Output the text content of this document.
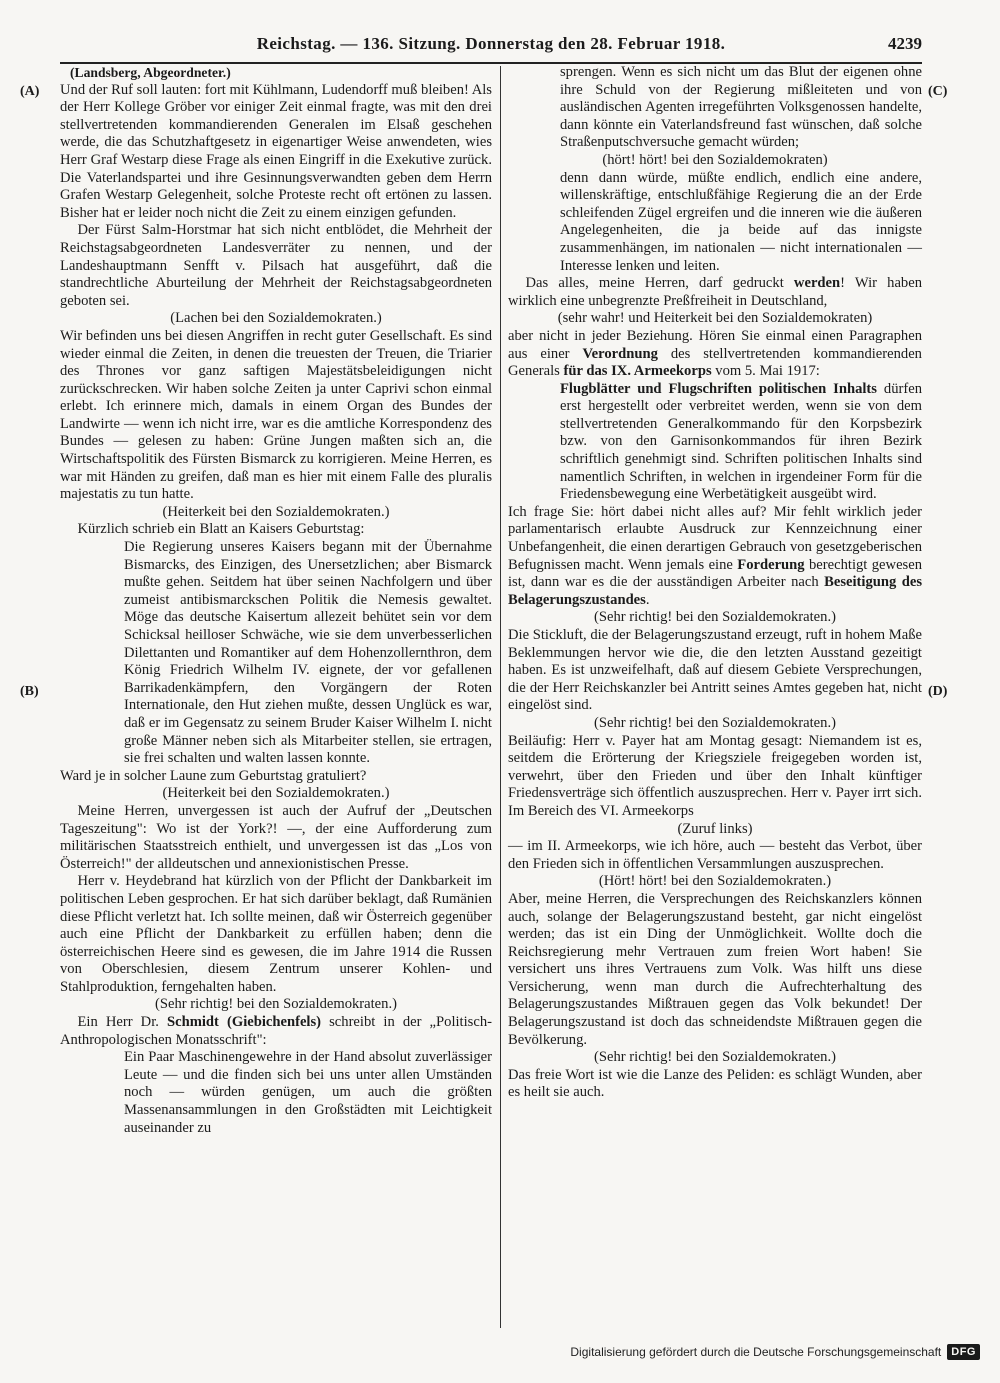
Reichstag. — 136. Sitzung. Donnerstag den 28. Februar 1918.	4239
(A)
(B)
(C)
(D)

(Landsberg, Abgeordneter.)

Und der Ruf soll lauten: fort mit Kühlmann, Ludendorff muß bleiben! Als der Herr Kollege Gröber vor einiger Zeit einmal fragte, was mit den drei stellvertretenden kommandierenden Generalen im Elsaß geschehen werde, die das Schutzhaftgesetz in eigenartiger Weise anwendeten, wies Herr Graf Westarp diese Frage als einen Eingriff in die Exekutive zurück. Die Vaterlandspartei und ihre Gesinnungsverwandten geben dem Herrn Grafen Westarp Gelegenheit, solche Proteste recht oft ertönen zu lassen. Bisher hat er leider noch nicht die Zeit zu einem einzigen gefunden.

Der Fürst Salm-Horstmar hat sich nicht entblödet, die Mehrheit der Reichstagsabgeordneten Landesverräter zu nennen, und der Landeshauptmann Senfft v. Pilsach hat ausgeführt, daß die standrechtliche Aburteilung der Mehrheit der Reichstagsabgeordneten geboten sei.

(Lachen bei den Sozialdemokraten.)

Wir befinden uns bei diesen Angriffen in recht guter Gesellschaft. Es sind wieder einmal die Zeiten, in denen die treuesten der Treuen, die Triarier des Thrones vor ganz saftigen Majestätsbeleidigungen nicht zurückschrecken. Wir haben solche Zeiten ja unter Caprivi schon einmal erlebt. Ich erinnere mich, damals in einem Organ des Bundes der Landwirte — wenn ich nicht irre, war es die amtliche Korrespondenz des Bundes — gelesen zu haben: Grüne Jungen maßten sich an, die Wirtschaftspolitik des Fürsten Bismarck zu korrigieren. Meine Herren, es war mit Händen zu greifen, daß man es hier mit einem Falle des pluralis majestatis zu tun hatte.

(Heiterkeit bei den Sozialdemokraten.)

Kürzlich schrieb ein Blatt an Kaisers Geburtstag:

Die Regierung unseres Kaisers begann mit der Übernahme Bismarcks, des Einzigen, des Unersetzlichen; aber Bismarck mußte gehen. Seitdem hat über seinen Nachfolgern und über zumeist antibismarckschen Politik die Nemesis gewaltet. Möge das deutsche Kaisertum allezeit behütet sein vor dem Schicksal heilloser Schwäche, wie sie dem unverbesserlichen Dilettanten und Romantiker auf dem Hohenzollernthron, dem König Friedrich Wilhelm IV. eignete, der vor gefallenen Barrikadenkämpfern, den Vorgängern der Roten Internationale, den Hut ziehen mußte, dessen Unglück es war, daß er im Gegensatz zu seinem Bruder Kaiser Wilhelm I. nicht große Männer neben sich als Mitarbeiter stellen, sie ertragen, sie frei schalten und walten lassen konnte.

Ward je in solcher Laune zum Geburtstag gratuliert?

(Heiterkeit bei den Sozialdemokraten.)

Meine Herren, unvergessen ist auch der Aufruf der „Deutschen Tageszeitung": Wo ist der York?! —, der eine Aufforderung zum militärischen Staatsstreich enthielt, und unvergessen ist das „Los von Österreich!" der alldeutschen und annexionistischen Presse.

Herr v. Heydebrand hat kürzlich von der Pflicht der Dankbarkeit im politischen Leben gesprochen. Er hat sich darüber beklagt, daß Rumänien diese Pflicht verletzt hat. Ich sollte meinen, daß wir Österreich gegenüber auch eine Pflicht der Dankbarkeit zu erfüllen haben; denn die österreichischen Heere sind es gewesen, die im Jahre 1914 die Russen von Oberschlesien, diesem Zentrum unserer Kohlen- und Stahlproduktion, ferngehalten haben.

(Sehr richtig! bei den Sozialdemokraten.)

Ein Herr Dr. Schmidt (Giebichenfels) schreibt in der „Politisch-Anthropologischen Monatsschrift":

Ein Paar Maschinengewehre in der Hand absolut zuverlässiger Leute — und die finden sich bei uns unter allen Umständen noch — würden genügen, um auch die größten Massenansammlungen in den Großstädten mit Leichtigkeit auseinander zu

sprengen. Wenn es sich nicht um das Blut der eigenen ohne ihre Schuld von der Regierung mißleiteten und von ausländischen Agenten irregeführten Volksgenossen handelte, dann könnte ein Vaterlandsfreund fast wünschen, daß solche Straßenputschversuche gemacht würden;

(hört! hört! bei den Sozialdemokraten)

denn dann würde, müßte endlich, endlich eine andere, willenskräftige, entschlußfähige Regierung die an der Erde schleifenden Zügel ergreifen und die inneren wie die äußeren Angelegenheiten, die ja beide auf das innigste zusammenhängen, im nationalen — nicht internationalen — Interesse lenken und leiten.

Das alles, meine Herren, darf gedruckt werden! Wir haben wirklich eine unbegrenzte Preßfreiheit in Deutschland,

(sehr wahr! und Heiterkeit bei den Sozialdemokraten)

aber nicht in jeder Beziehung. Hören Sie einmal einen Paragraphen aus einer Verordnung des stellvertretenden kommandierenden Generals für das IX. Armeekorps vom 5. Mai 1917:

Flugblätter und Flugschriften politischen Inhalts dürfen erst hergestellt oder verbreitet werden, wenn sie von dem stellvertretenden Generalkommando für den Korpsbezirk bzw. von den Garnisonkommandos für ihren Bezirk schriftlich genehmigt sind. Schriften politischen Inhalts sind namentlich Schriften, in welchen in irgendeiner Form für die Friedensbewegung eine Werbetätigkeit ausgeübt wird.

Ich frage Sie: hört dabei nicht alles auf? Mir fehlt wirklich jeder parlamentarisch erlaubte Ausdruck zur Kennzeichnung einer Unbefangenheit, die einen derartigen Gebrauch von gesetzgeberischen Befugnissen macht. Wenn jemals eine Forderung berechtigt gewesen ist, dann war es die der ausständigen Arbeiter nach Beseitigung des Belagerungszustandes.

(Sehr richtig! bei den Sozialdemokraten.)

Die Stickluft, die der Belagerungszustand erzeugt, ruft in hohem Maße Beklemmungen hervor wie die, die den letzten Ausstand gezeitigt haben. Es ist unzweifelhaft, daß auf diesem Gebiete Versprechungen, die der Herr Reichskanzler bei Antritt seines Amtes gegeben hat, nicht eingelöst sind.

(Sehr richtig! bei den Sozialdemokraten.)

Beiläufig: Herr v. Payer hat am Montag gesagt: Niemandem ist es, seitdem die Erörterung der Kriegsziele freigegeben worden ist, verwehrt, über den Frieden und über den Inhalt künftiger Friedensverträge sich öffentlich auszusprechen. Herr v. Payer irrt sich. Im Bereich des VI. Armeekorps

(Zuruf links)

— im II. Armeekorps, wie ich höre, auch — besteht das Verbot, über den Frieden sich in öffentlichen Versammlungen auszusprechen.

(Hört! hört! bei den Sozialdemokraten.)

Aber, meine Herren, die Versprechungen des Reichskanzlers können auch, solange der Belagerungszustand besteht, gar nicht eingelöst werden; das ist ein Ding der Unmöglichkeit. Wollte doch die Reichsregierung mehr Vertrauen zum freien Wort haben! Sie versichert uns ihres Vertrauens zum Volk. Was hilft uns diese Versicherung, wenn man durch die Aufrechterhaltung des Belagerungszustandes Mißtrauen gegen das Volk bekundet! Der Belagerungszustand ist doch das schneidendste Mißtrauen gegen die Bevölkerung.

(Sehr richtig! bei den Sozialdemokraten.)

Das freie Wort ist wie die Lanze des Peliden: es schlägt Wunden, aber es heilt sie auch.

Digitalisierung gefördert durch die Deutsche Forschungsgemeinschaft DFG
